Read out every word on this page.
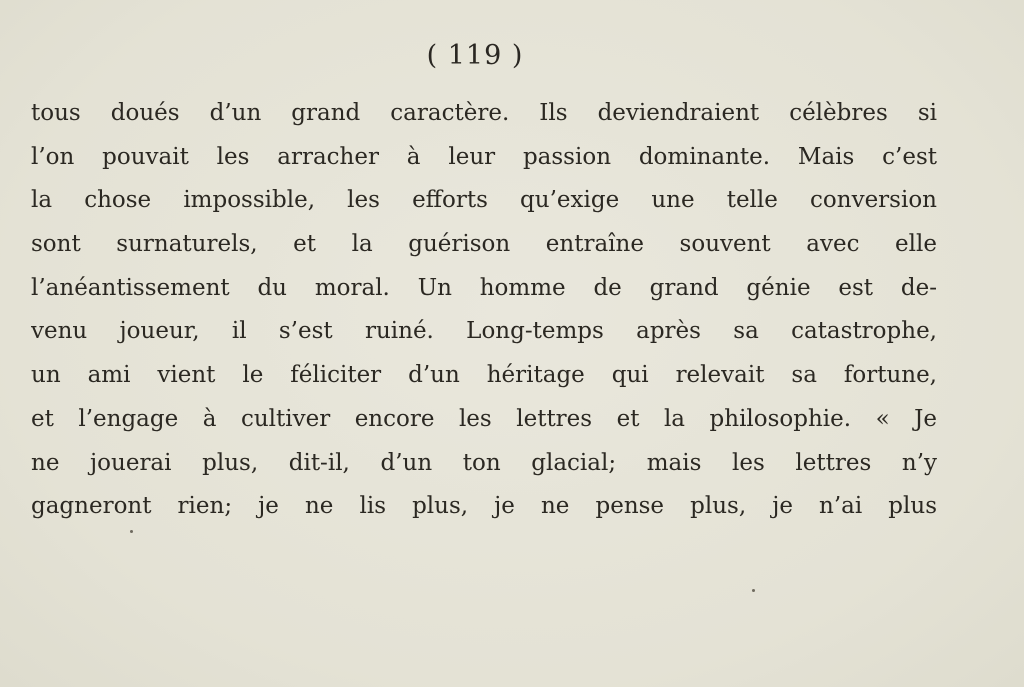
( 119 )
tous doués d’un grand caractère. Ils deviendraient célèbres si
l’on pouvait les arracher à leur passion dominante. Mais c’est
la chose impossible, les efforts qu’exige une telle conversion
sont surnaturels, et la guérison entraîne souvent avec elle
l’anéantissement du moral. Un homme de grand génie est de-
venu joueur, il s’est ruiné. Long-temps après sa catastrophe,
un ami vient le féliciter d’un héritage qui relevait sa fortune,
et l’engage à cultiver encore les lettres et la philosophie. « Je
ne jouerai plus, dit-il, d’un ton glacial; mais les lettres n’y
gagneront rien; je ne lis plus, je ne pense plus, je n’ai plus
